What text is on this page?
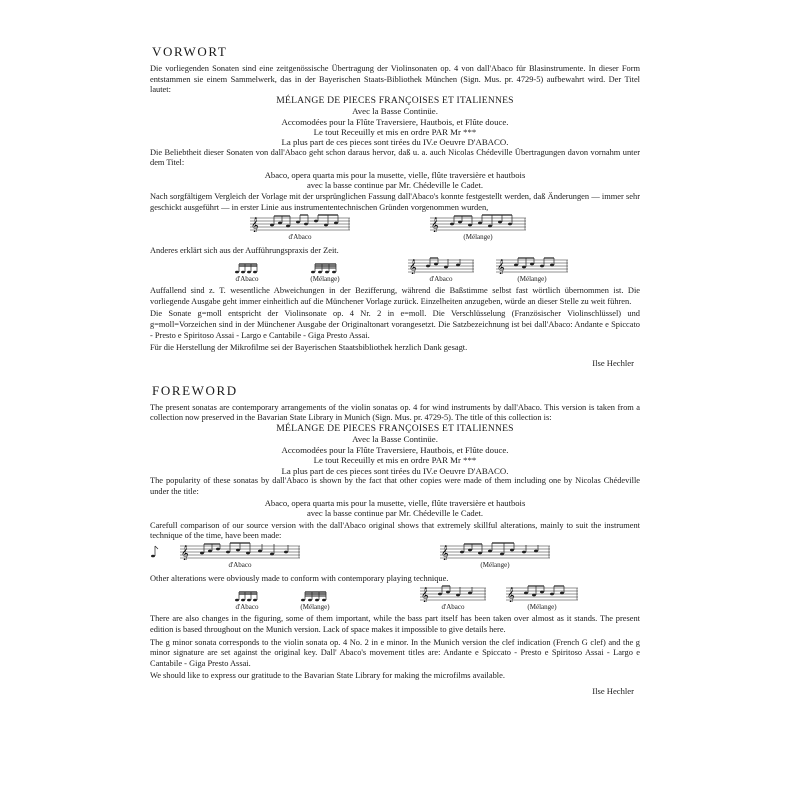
VORWORT

Die vorliegenden Sonaten sind eine zeitgenössische Übertragung der Violinsonaten op. 4 von dall'Abaco für Blasinstrumente. In dieser Form entstammen sie einem Sammelwerk, das in der Bayerischen Staats-Bibliothek München (Sign. Mus. pr. 4729-5) aufbewahrt wird. Der Titel lautet:

MÉLANGE DE PIECES FRANÇOISES ET ITALIENNES
Avec la Basse Continüe.
Accomodées pour la Flûte Traversiere, Hautbois, et Flûte douce.
Le tout Receuilly et mis en ordre PAR Mr ***
La plus part de ces pieces sont tirées du IV.e Oeuvre D'ABACO.

Die Beliebtheit dieser Sonaten von dall'Abaco geht schon daraus hervor, daß u. a. auch Nicolas Chédeville Übertragungen davon vornahm unter dem Titel:

Abaco, opera quarta mis pour la musette, vielle, flûte traversière et hautbois
avec la basse continue par Mr. Chédeville le Cadet.

Nach sorgfältigem Vergleich der Vorlage mit der ursprünglichen Fassung dall'Abaco's konnte festgestellt werden, daß Änderungen — immer sehr geschickt ausgeführt — in erster Linie aus instrumententechnischen Gründen vorgenommen wurden,

𝄞
d'Abaco
𝄞
(Mélange)

Anderes erklärt sich aus der Aufführungspraxis der Zeit.

d'Abaco	(Mélange)
𝄞
d'Abaco
𝄞
(Mélange)

Auffallend sind z. T. wesentliche Abweichungen in der Bezifferung, während die Baßstimme selbst fast wörtlich übernommen ist. Die vorliegende Ausgabe geht immer einheitlich auf die Münchener Vorlage zurück. Einzelheiten anzugeben, würde an dieser Stelle zu weit führen.

Die Sonate g=moll entspricht der Violinsonate op. 4 Nr. 2 in e=moll. Die Verschlüsselung (Französischer Violinschlüssel) und g=moll=Vorzeichen sind in der Münchener Ausgabe der Originaltonart vorangesetzt. Die Satzbezeichnung ist bei dall'Abaco: Andante e Spiccato - Presto e Spiritoso Assai - Largo e Cantabile - Giga Presto Assai.

Für die Herstellung der Mikrofilme sei der Bayerischen Staatsbibliothek herzlich Dank gesagt.

Ilse Hechler
FOREWORD

The present sonatas are contemporary arrangements of the violin sonatas op. 4 for wind instruments by dall'Abaco. This version is taken from a collection now preserved in the Bavarian State Library in Munich (Sign. Mus. pr. 4729-5). The title of this collection is:

MÉLANGE DE PIECES FRANÇOISES ET ITALIENNES
Avec la Basse Continüe.
Accomodées pour la Flûte Traversiere, Hautbois, et Flûte douce.
Le tout Receuilly et mis en ordre PAR Mr ***
La plus part de ces pieces sont tirées du IV.e Oeuvre D'ABACO.

The popularity of these sonatas by dall'Abaco is shown by the fact that other copies were made of them including one by Nicolas Chédeville under the title:

Abaco, opera quarta mis pour la musette, vielle, flûte traversière et hautbois
avec la basse continue par Mr. Chédeville le Cadet.

Carefull comparison of our source version with the dall'Abaco original shows that extremely skillful alterations, mainly to suit the instrument technique of the time, have been made:

𝄞
d'Abaco
𝄞
(Mélange)

Other alterations were obviously made to conform with contemporary playing technique.

d'Abaco	(Mélange)
𝄞
d'Abaco
𝄞
(Mélange)

There are also changes in the figuring, some of them important, while the bass part itself has been taken over almost as it stands. The present edition is based throughout on the Munich version. Lack of space makes it impossible to give details here.

The g minor sonata corresponds to the violin sonata op. 4 No. 2 in e minor. In the Munich version the clef indication (French G clef) and the g minor signature are set against the original key. Dall' Abaco's movement titles are: Andante e Spiccato - Presto e Spiritoso Assai - Largo e Cantabile - Giga Presto Assai.

We should like to express our gratitude to the Bavarian State Library for making the microfilms available.

Ilse Hechler
